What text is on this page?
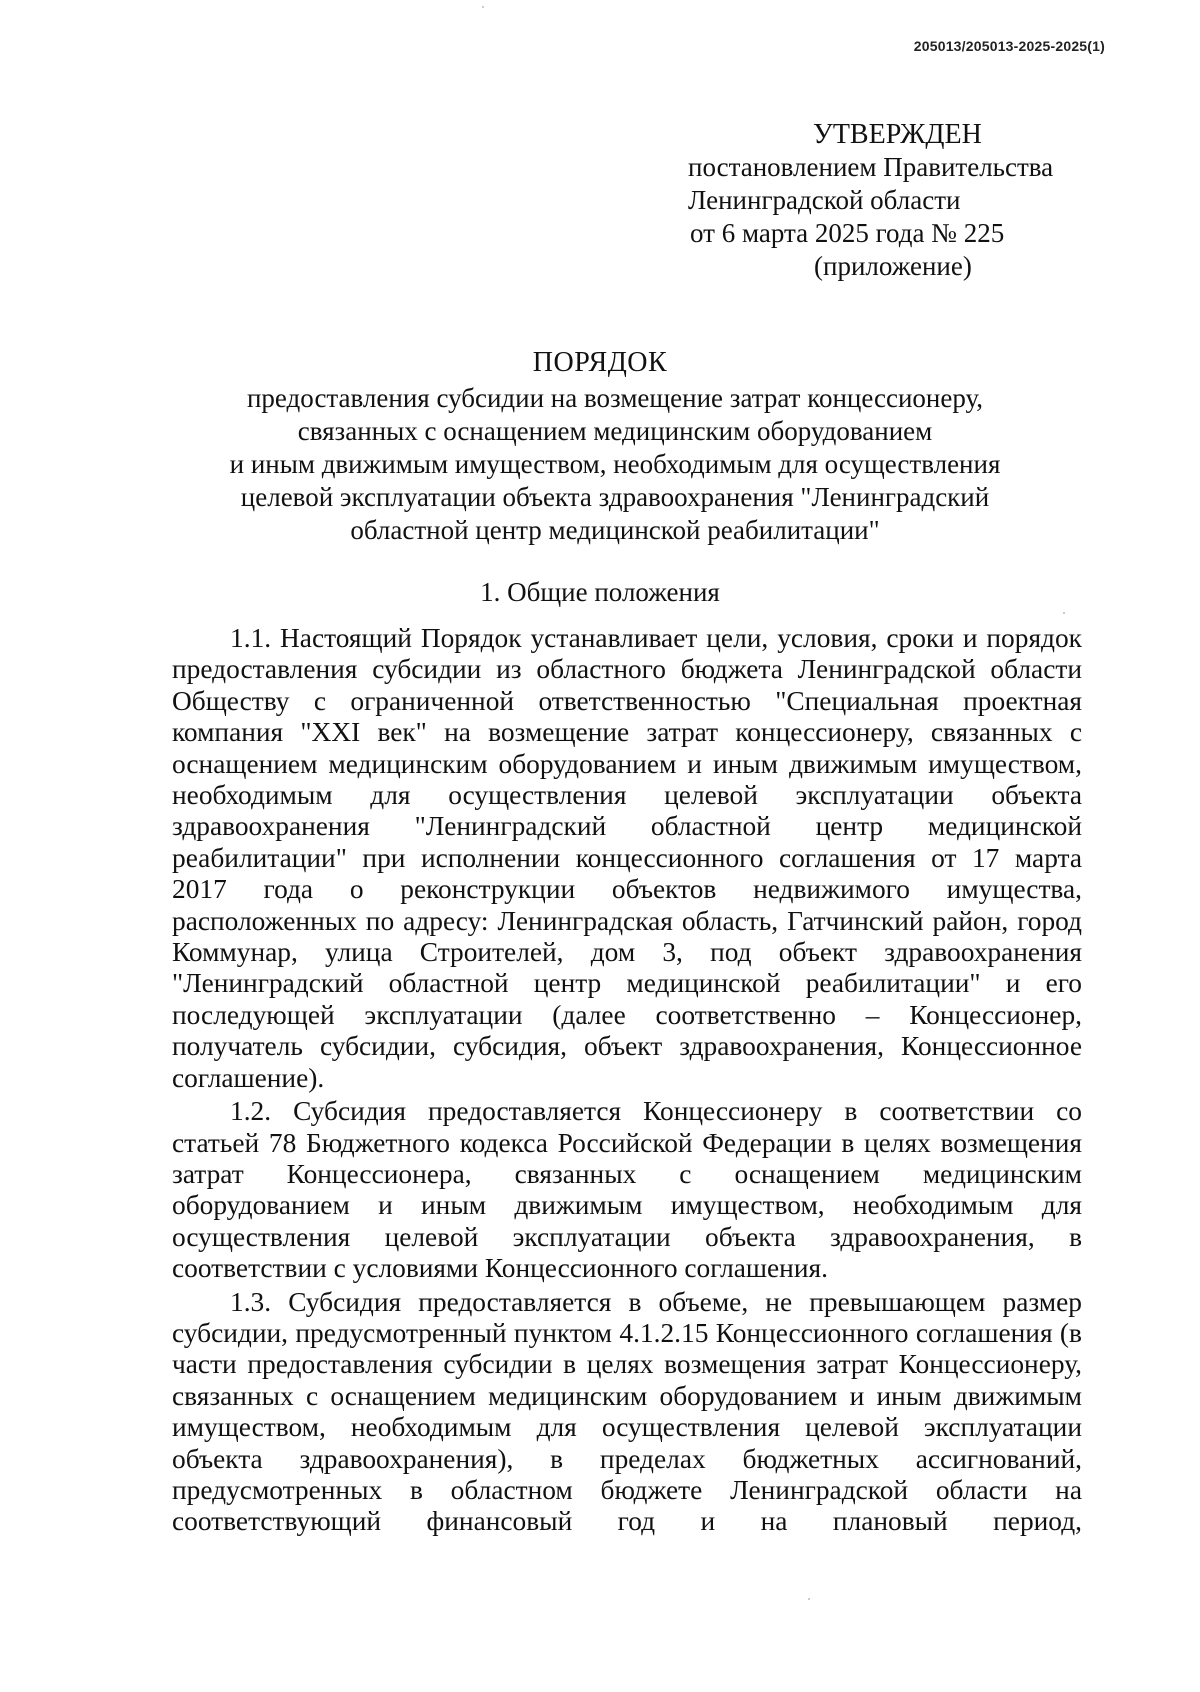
205013/205013-2025-2025(1)
УТВЕРЖДЕН
постановлением Правительства
Ленинградской области
от 6 марта 2025 года № 225
(приложение)
ПОРЯДОК
предоставления субсидии на возмещение затрат концессионеру,
связанных с оснащением медицинским оборудованием
и иным движимым имуществом, необходимым для осуществления
целевой эксплуатации объекта здравоохранения "Ленинградский
областной центр медицинской реабилитации"
1. Общие положения

1.1. Настоящий Порядок устанавливает цели, условия, сроки и порядок предоставления субсидии из областного бюджета Ленинградской области Обществу с ограниченной ответственностью "Специальная проектная компания "XXI век" на возмещение затрат концессионеру, связанных с оснащением медицинским оборудованием и иным движимым имуществом, необходимым для осуществления целевой эксплуатации объекта здравоохранения "Ленинградский областной центр медицинской реабилитации" при исполнении концессионного соглашения от 17 марта 2017 года о реконструкции объектов недвижимого имущества, расположенных по адресу: Ленинградская область, Гатчинский район, город Коммунар, улица Строителей, дом 3, под объект здравоохранения "Ленинградский областной центр медицинской реабилитации" и его последующей эксплуатации (далее соответственно – Концессионер, получатель субсидии, субсидия, объект здравоохранения, Концессионное соглашение).

1.2. Субсидия предоставляется Концессионеру в соответствии со статьей 78 Бюджетного кодекса Российской Федерации в целях возмещения затрат Концессионера, связанных с оснащением медицинским оборудованием и иным движимым имуществом, необходимым для осуществления целевой эксплуатации объекта здравоохранения, в соответствии с условиями Концессионного соглашения.

1.3. Субсидия предоставляется в объеме, не превышающем размер субсидии, предусмотренный пунктом 4.1.2.15 Концессионного соглашения (в части предоставления субсидии в целях возмещения затрат Концессионеру, связанных с оснащением медицинским оборудованием и иным движимым имуществом, необходимым для осуществления целевой эксплуатации объекта здравоохранения), в пределах бюджетных ассигнований, предусмотренных в областном бюджете Ленинградской области на соответствующий финансовый год и на плановый период,
